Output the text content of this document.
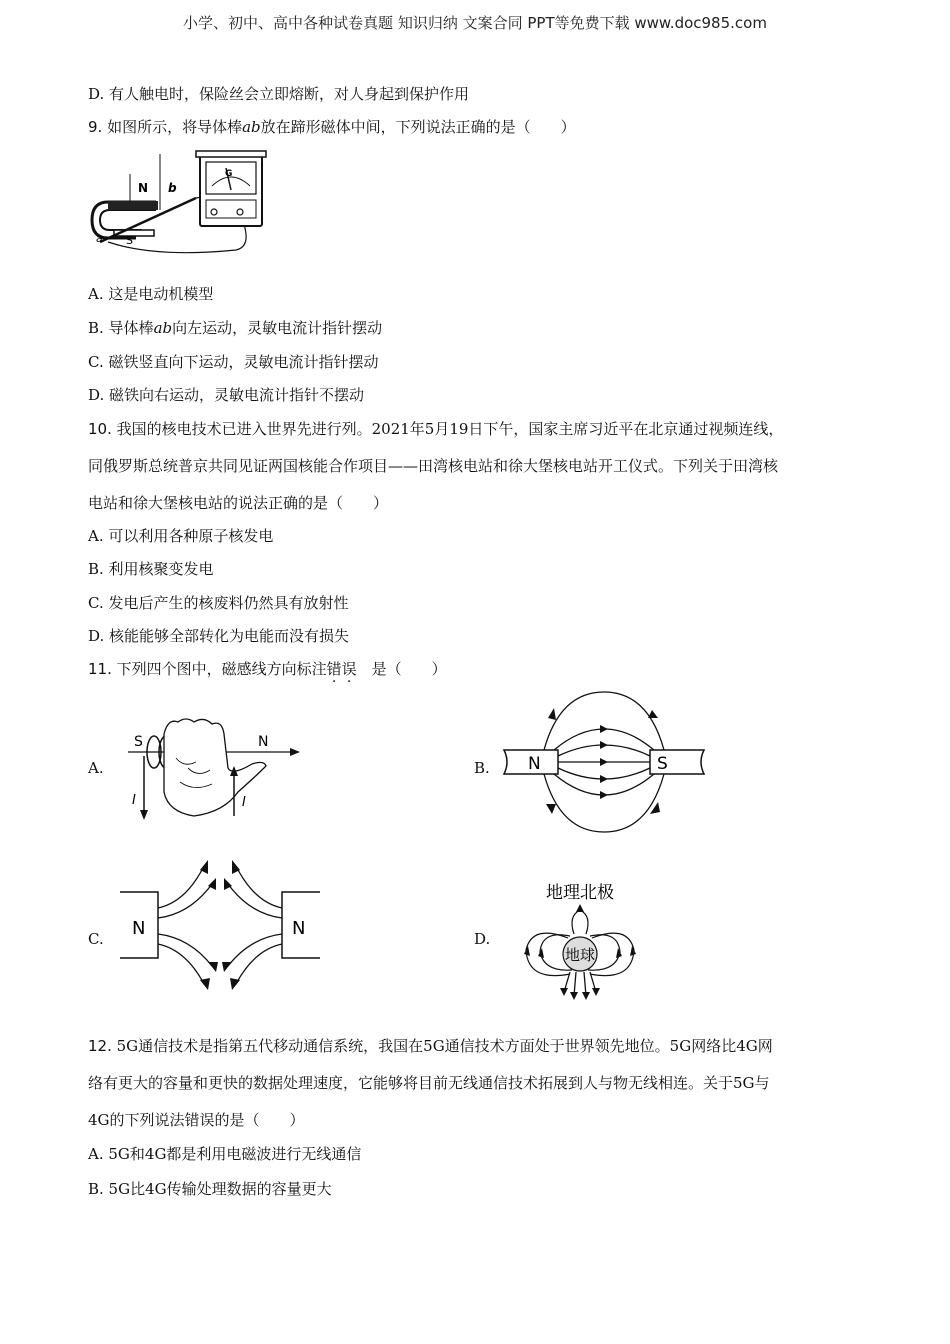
小学、初中、高中各种试卷真题 知识归纳 文案合同 PPT等免费下载 www.doc985.com
D. 有人触电时，保险丝会立即熔断，对人身起到保护作用
9. 如图所示，将导体棒ab放在蹄形磁体中间，下列说法正确的是（　　）
N b
a S
G
A. 这是电动机模型
B. 导体棒ab向左运动，灵敏电流计指针摆动
C. 磁铁竖直向下运动，灵敏电流计指针摆动
D. 磁铁向右运动，灵敏电流计指针不摆动
10. 我国的核电技术已进入世界先进行列。2021年5月19日下午，国家主席习近平在北京通过视频连线，
同俄罗斯总统普京共同见证两国核能合作项目——田湾核电站和徐大堡核电站开工仪式。下列关于田湾核
电站和徐大堡核电站的说法正确的是（　　）
A. 可以利用各种原子核发电
B. 利用核聚变发电
C. 发电后产生的核废料仍然具有放射性
D. 核能能够全部转化为电能而没有损失
11. 下列四个图中，磁感线方向标注错误　是（　　）
A.	B.
C.	D.
S	N
I	I
N	S
N	N
地理北极
地球
12. 5G通信技术是指第五代移动通信系统，我国在5G通信技术方面处于世界领先地位。5G网络比4G网
络有更大的容量和更快的数据处理速度，它能够将目前无线通信技术拓展到人与物无线相连。关于5G与
4G的下列说法错误的是（　　）
A. 5G和4G都是利用电磁波进行无线通信
B. 5G比4G传输处理数据的容量更大
